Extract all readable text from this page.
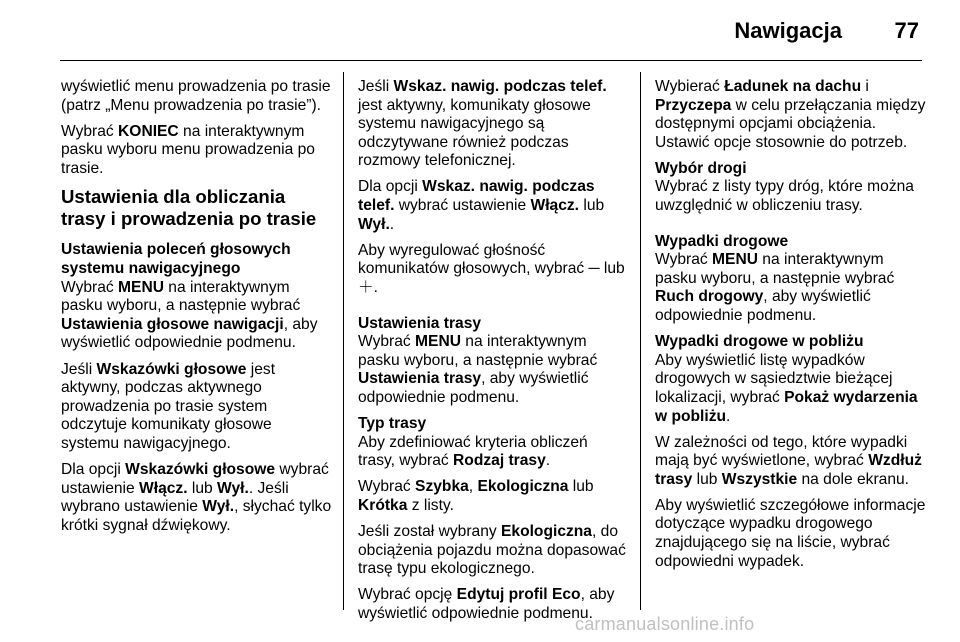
Nawigacja 77

wyświetlić menu prowadzenia po trasie (patrz „Menu prowadzenia po trasie”).

Wybrać KONIEC na interaktywnym pasku wyboru menu prowadzenia po trasie.

Ustawienia dla obliczania trasy i prowadzenia po trasie

Ustawienia poleceń głosowych systemu nawigacyjnego
Wybrać MENU na interaktywnym pasku wyboru, a następnie wybrać Ustawienia głosowe nawigacji, aby wyświetlić odpowiednie podmenu.

Jeśli Wskazówki głosowe jest aktywny, podczas aktywnego prowadzenia po trasie system odczytuje komunikaty głosowe systemu nawigacyjnego.

Dla opcji Wskazówki głosowe wybrać ustawienie Włącz. lub Wył.. Jeśli wybrano ustawienie Wył., słychać tylko krótki sygnał dźwiękowy.

Jeśli Wskaz. nawig. podczas telef. jest aktywny, komunikaty głosowe systemu nawigacyjnego są odczytywane również podczas rozmowy telefonicznej.

Dla opcji Wskaz. nawig. podczas telef. wybrać ustawienie Włącz. lub Wył..

Aby wyregulować głośność komunikatów głosowych, wybrać ─ lub ＋.

Ustawienia trasy
Wybrać MENU na interaktywnym pasku wyboru, a następnie wybrać Ustawienia trasy, aby wyświetlić odpowiednie podmenu.

Typ trasy
Aby zdefiniować kryteria obliczeń trasy, wybrać Rodzaj trasy.

Wybrać Szybka, Ekologiczna lub Krótka z listy.

Jeśli został wybrany Ekologiczna, do obciążenia pojazdu można dopasować trasę typu ekologicznego.

Wybrać opcję Edytuj profil Eco, aby wyświetlić odpowiednie podmenu.

Wybierać Ładunek na dachu i Przyczepa w celu przełączania między dostępnymi opcjami obciążenia. Ustawić opcje stosownie do potrzeb.

Wybór drogi
Wybrać z listy typy dróg, które można uwzględnić w obliczeniu trasy.

Wypadki drogowe
Wybrać MENU na interaktywnym pasku wyboru, a następnie wybrać Ruch drogowy, aby wyświetlić odpowiednie podmenu.

Wypadki drogowe w pobliżu
Aby wyświetlić listę wypadków drogowych w sąsiedztwie bieżącej lokalizacji, wybrać Pokaż wydarzenia w pobliżu.

W zależności od tego, które wypadki mają być wyświetlone, wybrać Wzdłuż trasy lub Wszystkie na dole ekranu.

Aby wyświetlić szczegółowe informacje dotyczące wypadku drogowego znajdującego się na liście, wybrać odpowiedni wypadek.

carmanualsonline.info
